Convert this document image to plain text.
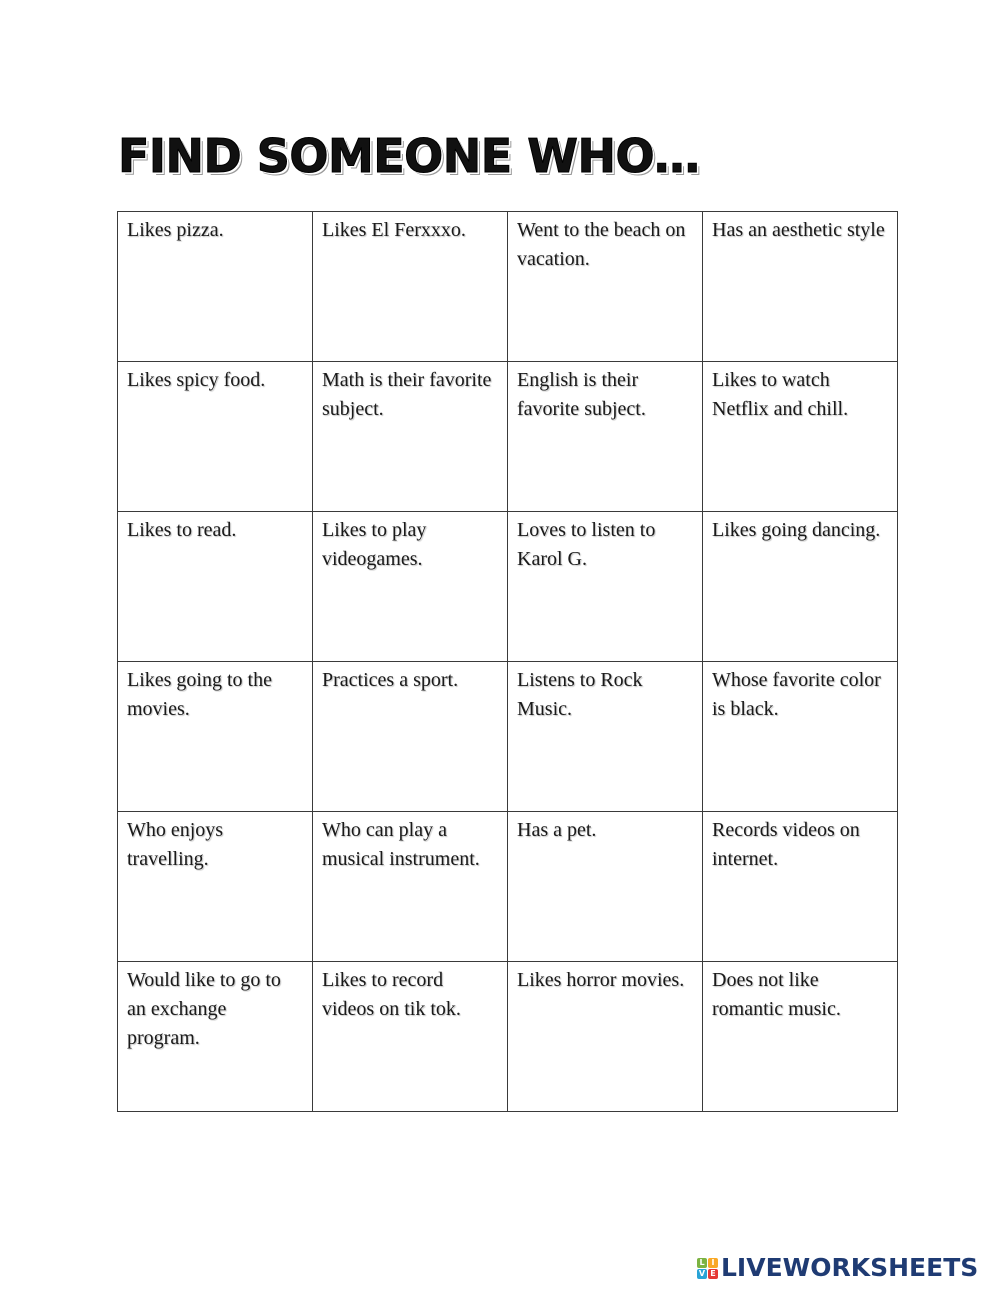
FIND SOMEONE WHO…
Likes pizza.	Likes El Ferxxxo.	Went to the beach on vacation.	Has an aesthetic style
Likes spicy food.	Math is their favorite subject.	English is their favorite subject.	Likes to watch Netflix and chill.
Likes to read.	Likes to play videogames.	Loves to listen to Karol G.	Likes going dancing.
Likes going to the movies.	Practices a sport.	Listens to Rock Music.	Whose favorite color is black.
Who enjoys travelling.	Who can play a musical instrument.	Has a pet.	Records videos on internet.
Would like to go to an exchange program.	Likes to record videos on tik tok.	Likes horror movies.	Does not like romantic music.
L I
V E LIVEWORKSHEETS
